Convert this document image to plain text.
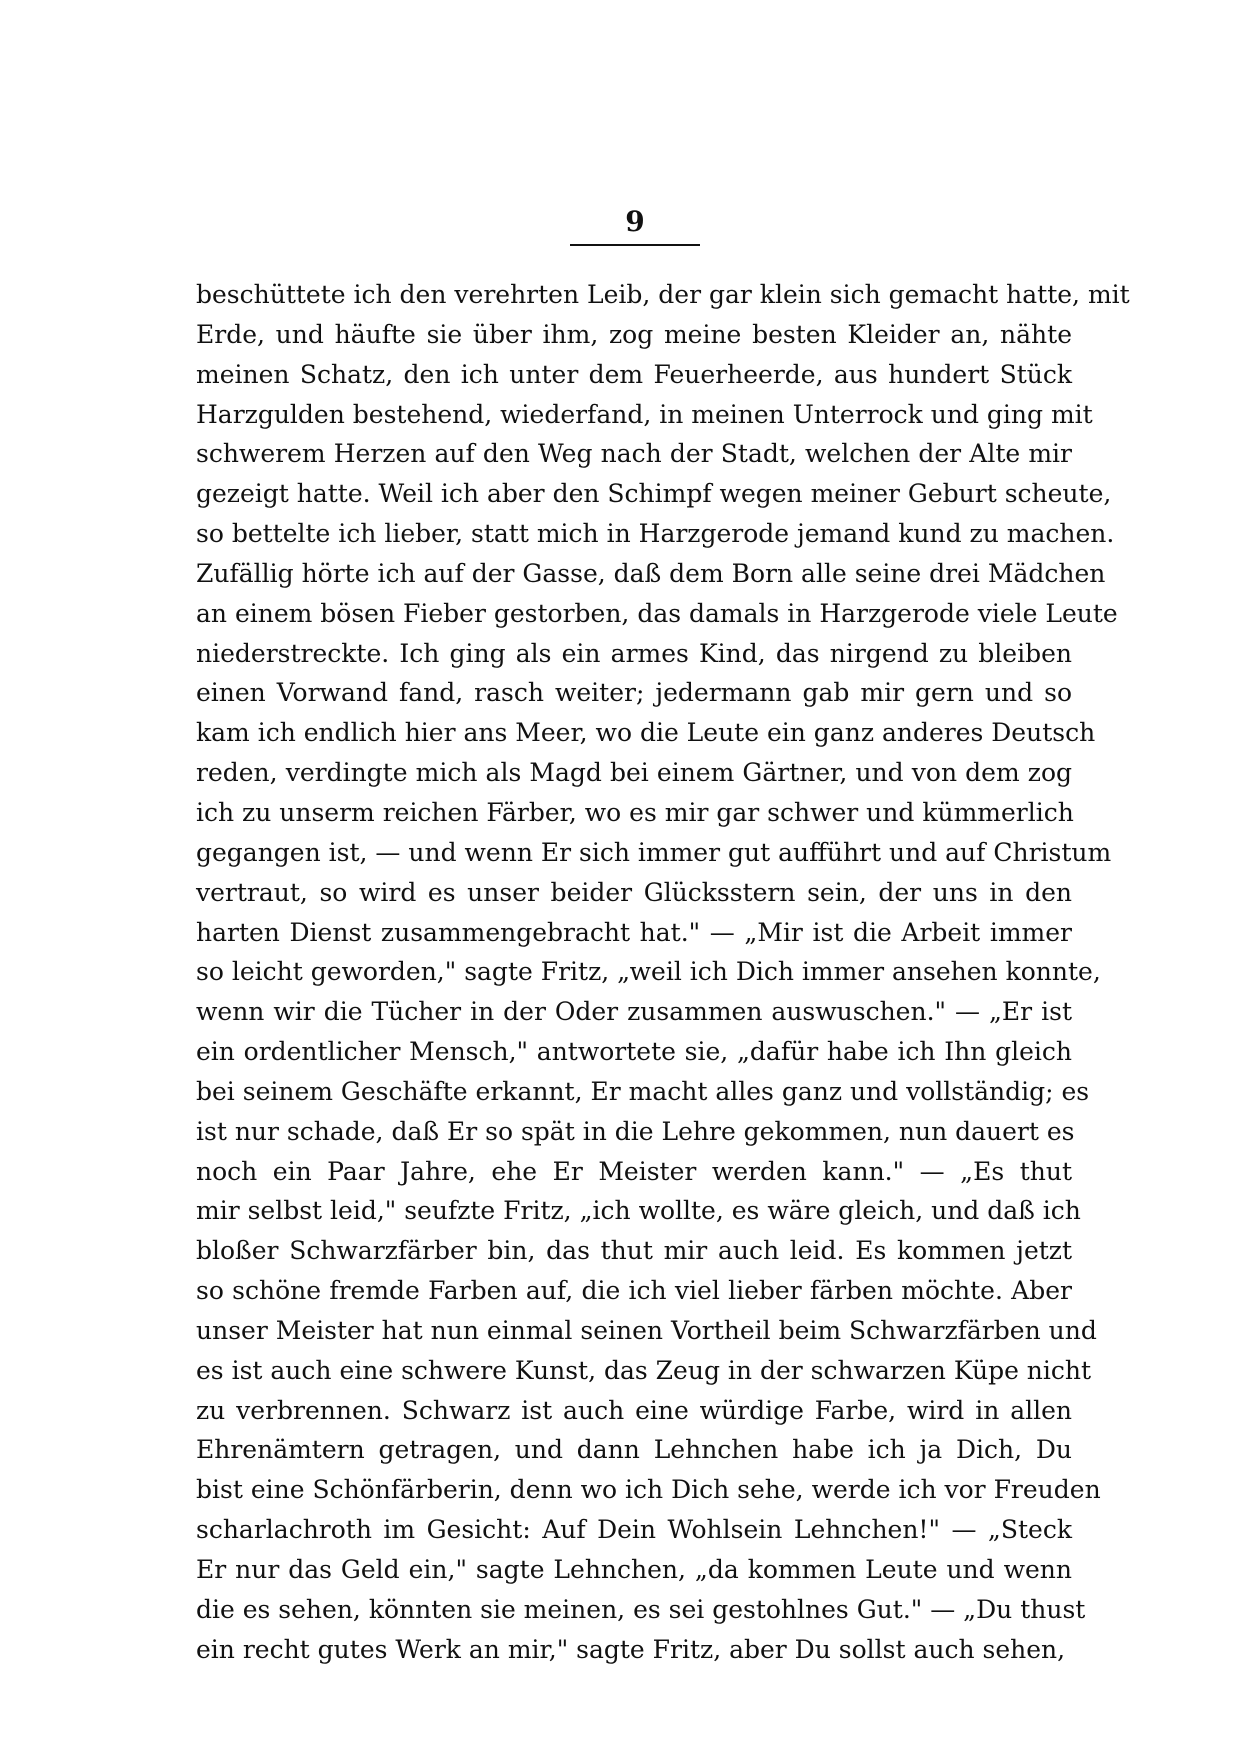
9
beschüttete ich den verehrten Leib, der gar klein sich gemacht hatte, mit
Erde, und häufte sie über ihm, zog meine besten Kleider an, nähte
meinen Schatz, den ich unter dem Feuerheerde, aus hundert Stück
Harzgulden bestehend, wiederfand, in meinen Unterrock und ging mit
schwerem Herzen auf den Weg nach der Stadt, welchen der Alte mir
gezeigt hatte. Weil ich aber den Schimpf wegen meiner Geburt scheute,
so bettelte ich lieber, statt mich in Harzgerode jemand kund zu machen.
Zufällig hörte ich auf der Gasse, daß dem Born alle seine drei Mädchen
an einem bösen Fieber gestorben, das damals in Harzgerode viele Leute
niederstreckte. Ich ging als ein armes Kind, das nirgend zu bleiben
einen Vorwand fand, rasch weiter; jedermann gab mir gern und so
kam ich endlich hier ans Meer, wo die Leute ein ganz anderes Deutsch
reden, verdingte mich als Magd bei einem Gärtner, und von dem zog
ich zu unserm reichen Färber, wo es mir gar schwer und kümmerlich
gegangen ist, — und wenn Er sich immer gut aufführt und auf Christum
vertraut, so wird es unser beider Glücksstern sein, der uns in den
harten Dienst zusammengebracht hat." — „Mir ist die Arbeit immer
so leicht geworden," sagte Fritz, „weil ich Dich immer ansehen konnte,
wenn wir die Tücher in der Oder zusammen auswuschen." — „Er ist
ein ordentlicher Mensch," antwortete sie, „dafür habe ich Ihn gleich
bei seinem Geschäfte erkannt, Er macht alles ganz und vollständig; es
ist nur schade, daß Er so spät in die Lehre gekommen, nun dauert es
noch ein Paar Jahre, ehe Er Meister werden kann." — „Es thut
mir selbst leid," seufzte Fritz, „ich wollte, es wäre gleich, und daß ich
bloßer Schwarzfärber bin, das thut mir auch leid. Es kommen jetzt
so schöne fremde Farben auf, die ich viel lieber färben möchte. Aber
unser Meister hat nun einmal seinen Vortheil beim Schwarzfärben und
es ist auch eine schwere Kunst, das Zeug in der schwarzen Küpe nicht
zu verbrennen. Schwarz ist auch eine würdige Farbe, wird in allen
Ehrenämtern getragen, und dann Lehnchen habe ich ja Dich, Du
bist eine Schönfärberin, denn wo ich Dich sehe, werde ich vor Freuden
scharlachroth im Gesicht: Auf Dein Wohlsein Lehnchen!" — „Steck
Er nur das Geld ein," sagte Lehnchen, „da kommen Leute und wenn
die es sehen, könnten sie meinen, es sei gestohlnes Gut." — „Du thust
ein recht gutes Werk an mir," sagte Fritz, aber Du sollst auch sehen,
